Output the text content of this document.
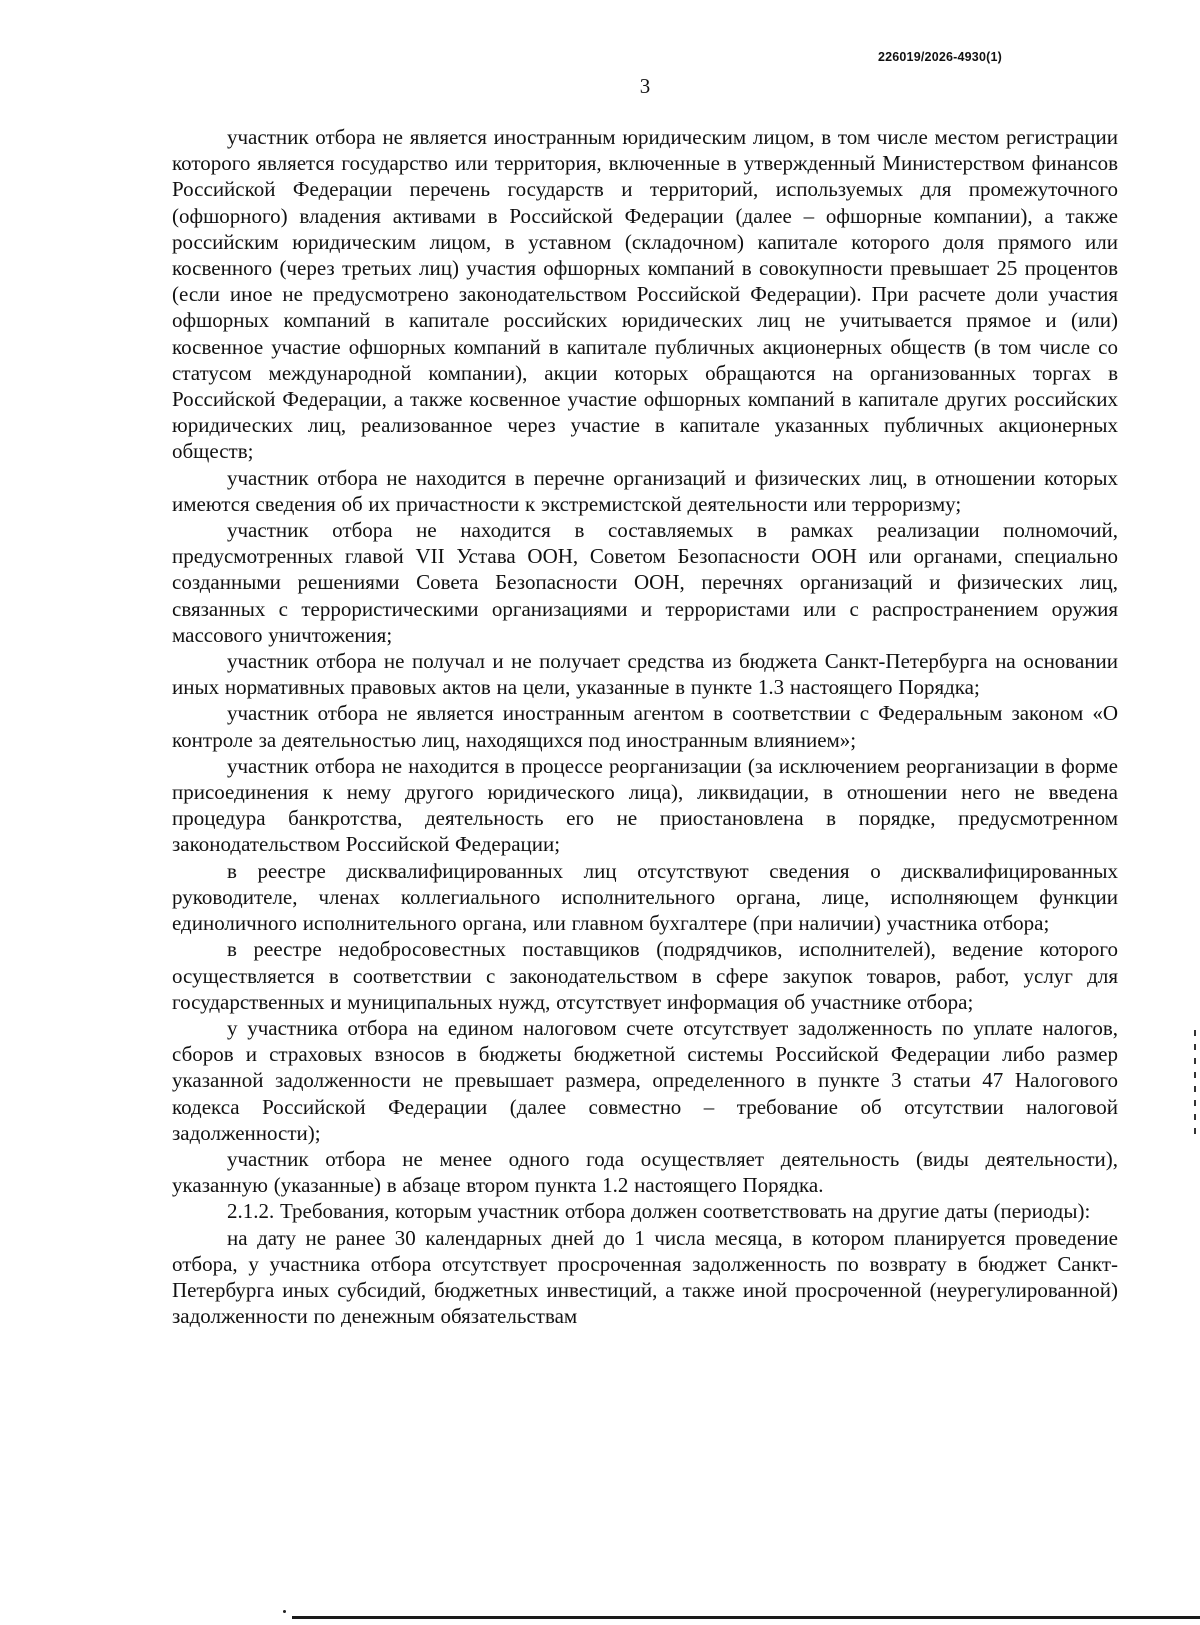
226019/2026-4930(1)
3

участник отбора не является иностранным юридическим лицом, в том числе местом регистрации которого является государство или территория, включенные в утвержденный Министерством финансов Российской Федерации перечень государств и территорий, используемых для промежуточного (офшорного) владения активами в Российской Федерации (далее – офшорные компании), а также российским юридическим лицом, в уставном (складочном) капитале которого доля прямого или косвенного (через третьих лиц) участия офшорных компаний в совокупности превышает 25 процентов (если иное не предусмотрено законодательством Российской Федерации). При расчете доли участия офшорных компаний в капитале российских юридических лиц не учитывается прямое и (или) косвенное участие офшорных компаний в капитале публичных акционерных обществ (в том числе со статусом международной компании), акции которых обращаются на организованных торгах в Российской Федерации, а также косвенное участие офшорных компаний в капитале других российских юридических лиц, реализованное через участие в капитале указанных публичных акционерных обществ;

участник отбора не находится в перечне организаций и физических лиц, в отношении которых имеются сведения об их причастности к экстремистской деятельности или терроризму;

участник отбора не находится в составляемых в рамках реализации полномочий, предусмотренных главой VII Устава ООН, Советом Безопасности ООН или органами, специально созданными решениями Совета Безопасности ООН, перечнях организаций и физических лиц, связанных с террористическими организациями и террористами или с распространением оружия массового уничтожения;

участник отбора не получал и не получает средства из бюджета Санкт-Петербурга на основании иных нормативных правовых актов на цели, указанные в пункте 1.3 настоящего Порядка;

участник отбора не является иностранным агентом в соответствии с Федеральным законом «О контроле за деятельностью лиц, находящихся под иностранным влиянием»;

участник отбора не находится в процессе реорганизации (за исключением реорганизации в форме присоединения к нему другого юридического лица), ликвидации, в отношении него не введена процедура банкротства, деятельность его не приостановлена в порядке, предусмотренном законодательством Российской Федерации;

в реестре дисквалифицированных лиц отсутствуют сведения о дисквалифицированных руководителе, членах коллегиального исполнительного органа, лице, исполняющем функции единоличного исполнительного органа, или главном бухгалтере (при наличии) участника отбора;

в реестре недобросовестных поставщиков (подрядчиков, исполнителей), ведение которого осуществляется в соответствии с законодательством в сфере закупок товаров, работ, услуг для государственных и муниципальных нужд, отсутствует информация об участнике отбора;

у участника отбора на едином налоговом счете отсутствует задолженность по уплате налогов, сборов и страховых взносов в бюджеты бюджетной системы Российской Федерации либо размер указанной задолженности не превышает размера, определенного в пункте 3 статьи 47 Налогового кодекса Российской Федерации (далее совместно – требование об отсутствии налоговой задолженности);

участник отбора не менее одного года осуществляет деятельность (виды деятельности), указанную (указанные) в абзаце втором пункта 1.2 настоящего Порядка.

2.1.2. Требования, которым участник отбора должен соответствовать на другие даты (периоды):

на дату не ранее 30 календарных дней до 1 числа месяца, в котором планируется проведение отбора, у участника отбора отсутствует просроченная задолженность по возврату в бюджет Санкт-Петербурга иных субсидий, бюджетных инвестиций, а также иной просроченной (неурегулированной) задолженности по денежным обязательствам
